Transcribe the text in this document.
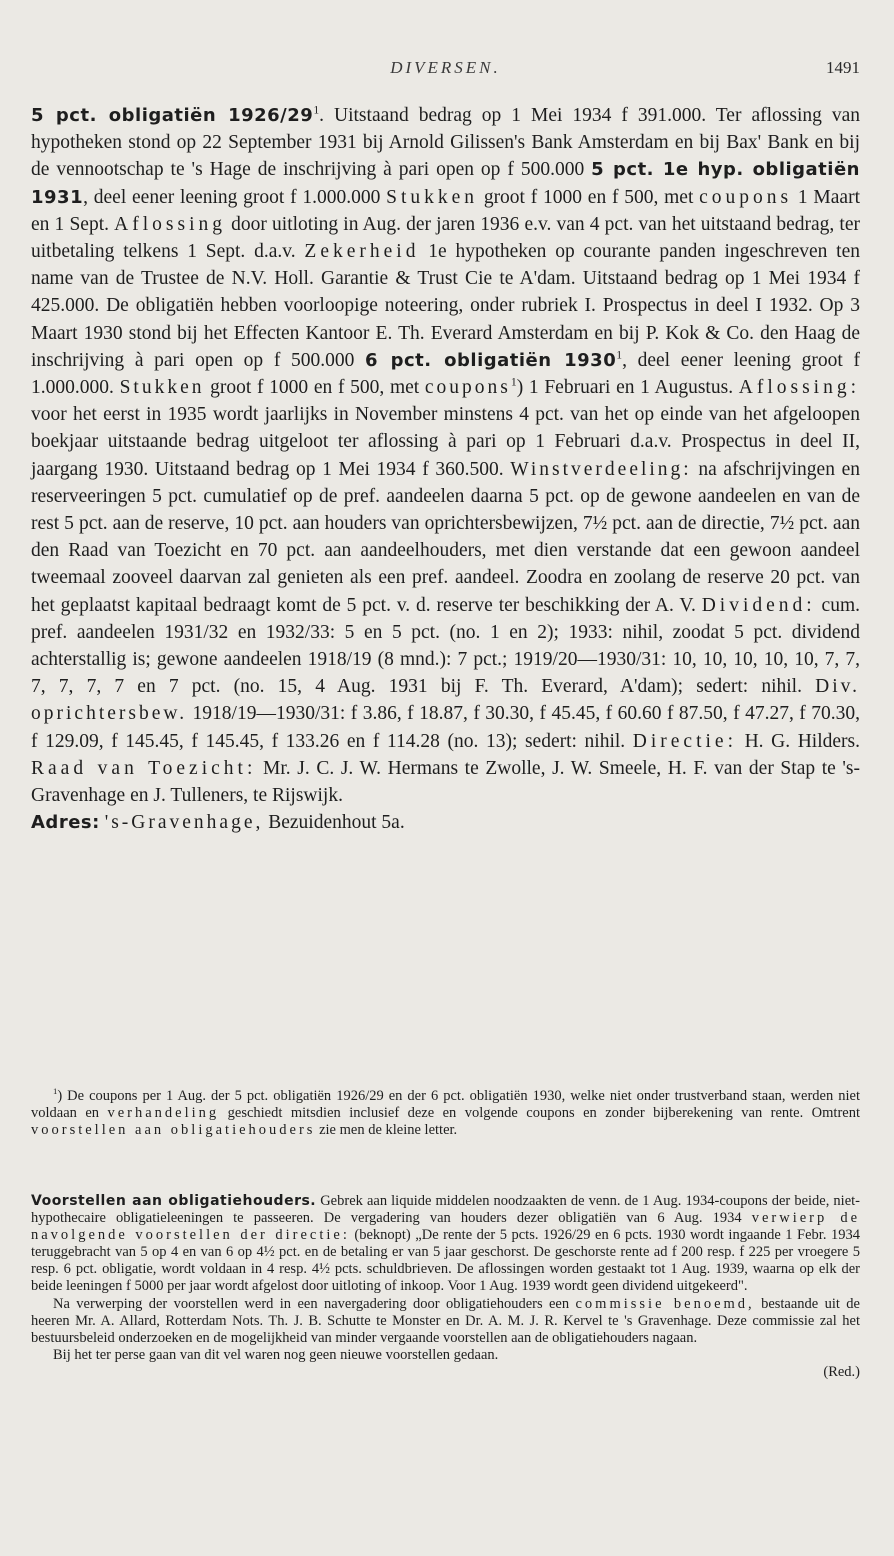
DIVERSEN.	1491

5 pct. obligatiën $1926/29^1$. Uitstaand bedrag op 1 Mei 1934 f 391.000. Ter aflossing van hypotheken stond op 22 September 1931 bij Arnold Gilissen's Bank Amsterdam en bij Bax' Bank en bij de vennootschap te 's Hage de inschrijving à pari open op f 500.000 5 pct. 1e hyp. obligatiën 1931, deel eener leening groot f 1.000.000 Stukken groot f 1000 en f 500, met coupons 1 Maart en 1 Sept. Aflossing door uitloting in Aug. der jaren 1936 e.v. van 4 pct. van het uitstaand bedrag, ter uitbetaling telkens 1 Sept. d.a.v. Zekerheid 1e hypotheken op courante panden ingeschreven ten name van de Trustee de N.V. Holl. Garantie & Trust Cie te A'dam. Uitstaand bedrag op 1 Mei 1934 f 425.000. De obligatiën hebben voorloopige noteering, onder rubriek I. Prospectus in deel I 1932. Op 3 Maart 1930 stond bij het Effecten Kantoor E. Th. Everard Amsterdam en bij P. Kok & Co. den Haag de inschrijving à pari open op f 500.000 6 pct. obligatiën 1930$^1$, deel eener leening groot f 1.000.000. Stukken groot f 1000 en f 500, met coupons$^1$) 1 Februari en 1 Augustus. Aflossing: voor het eerst in 1935 wordt jaarlijks in November minstens 4 pct. van het op einde van het afgeloopen boekjaar uitstaande bedrag uitgeloot ter aflossing à pari op 1 Februari d.a.v. Prospectus in deel II, jaargang 1930. Uitstaand bedrag op 1 Mei 1934 f 360.500. Winstverdeeling: na afschrijvingen en reserveeringen 5 pct. cumulatief op de pref. aandeelen daarna 5 pct. op de gewone aandeelen en van de rest 5 pct. aan de reserve, 10 pct. aan houders van oprichtersbewijzen, 7½ pct. aan de directie, 7½ pct. aan den Raad van Toezicht en 70 pct. aan aandeelhouders, met dien verstande dat een gewoon aandeel tweemaal zooveel daarvan zal genieten als een pref. aandeel. Zoodra en zoolang de reserve 20 pct. van het geplaatst kapitaal bedraagt komt de 5 pct. v. d. reserve ter beschikking der A. V. Dividend: cum. pref. aandeelen 1931/32 en 1932/33: 5 en 5 pct. (no. 1 en 2); 1933: nihil, zoodat 5 pct. dividend achterstallig is; gewone aandeelen 1918/19 (8 mnd.): 7 pct.; 1919/20—1930/31: 10, 10, 10, 10, 10, 7, 7, 7, 7, 7, 7 en 7 pct. (no. 15, 4 Aug. 1931 bij F. Th. Everard, A'dam); sedert: nihil. Div. oprichtersbew. 1918/19—1930/31: f 3.86, f 18.87, f 30.30, f 45.45, f 60.60 f 87.50, f 47.27, f 70.30, f 129.09, f 145.45, f 145.45, f 133.26 en f 114.28 (no. 13); sedert: nihil. Directie: H. G. Hilders. Raad van Toezicht: Mr. J. C. J. W. Hermans te Zwolle, J. W. Smeele, H. F. van der Stap te 's-Gravenhage en J. Tulleners, te Rijswijk.

Adres: 's-Gravenhage, Bezuidenhout 5a.

$^1$) De coupons per 1 Aug. der 5 pct. obligatiën 1926/29 en der 6 pct. obligatiën 1930, welke niet onder trustverband staan, werden niet voldaan en verhandeling geschiedt mitsdien inclusief deze en volgende coupons en zonder bijberekening van rente. Omtrent voorstellen aan obligatiehouders zie men de kleine letter.

Voorstellen aan obligatiehouders. Gebrek aan liquide middelen noodzaakten de venn. de 1 Aug. 1934-coupons der beide, niet-hypothecaire obligatieleeningen te passeeren. De vergadering van houders dezer obligatiën van 6 Aug. 1934 verwierp de navolgende voorstellen der directie: (beknopt) „De rente der 5 pcts. 1926/29 en 6 pcts. 1930 wordt ingaande 1 Febr. 1934 teruggebracht van 5 op 4 en van 6 op 4½ pct. en de betaling er van 5 jaar geschorst. De geschorste rente ad f 200 resp. f 225 per vroegere 5 resp. 6 pct. obligatie, wordt voldaan in 4 resp. 4½ pcts. schuldbrieven. De aflossingen worden gestaakt tot 1 Aug. 1939, waarna op elk der beide leeningen f 5000 per jaar wordt afgelost door uitloting of inkoop. Voor 1 Aug. 1939 wordt geen dividend uitgekeerd".

Na verwerping der voorstellen werd in een navergadering door obligatiehouders een commissie benoemd, bestaande uit de heeren Mr. A. Allard, Rotterdam Nots. Th. J. B. Schutte te Monster en Dr. A. M. J. R. Kervel te 's Gravenhage. Deze commissie zal het bestuursbeleid onderzoeken en de mogelijkheid van minder vergaande voorstellen aan de obligatiehouders nagaan.

Bij het ter perse gaan van dit vel waren nog geen nieuwe voorstellen gedaan.

(Red.)
